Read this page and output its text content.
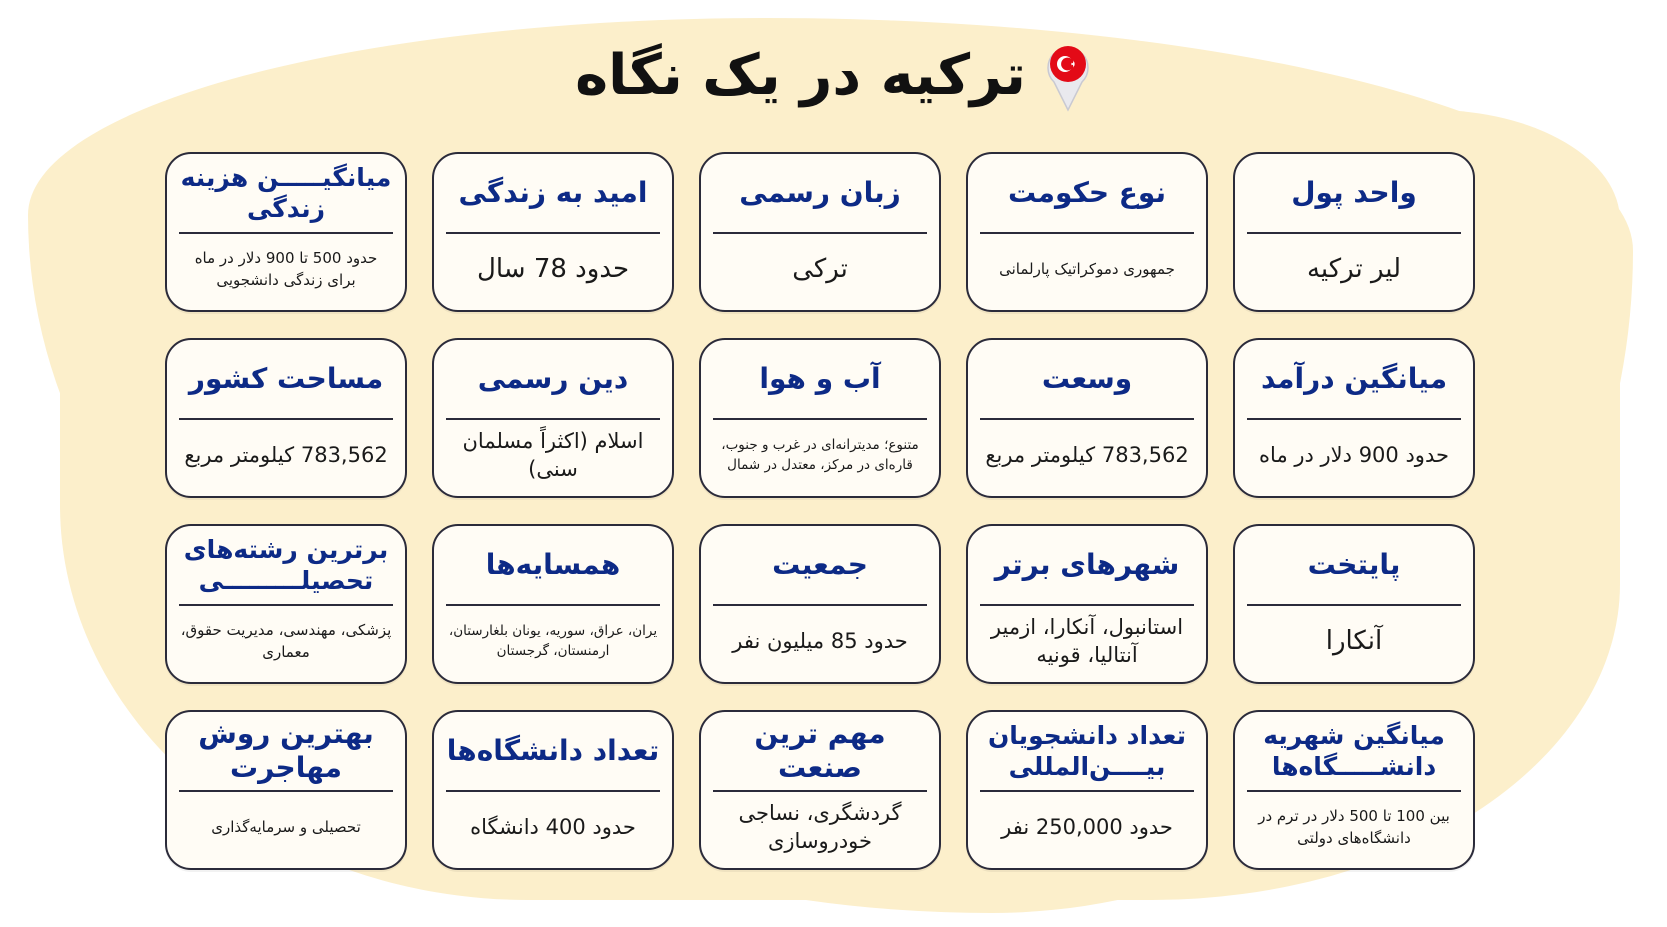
ترکیه در یک نگاه
واحد پول
لیر ترکیه
نوع حکومت
جمهوری دموکراتیک پارلمانی
زبان رسمی
ترکی
امید به زندگی
حدود 78 سال
میانگیـــــن هزینه زندگی
حدود 500 تا 900 دلار در ماه برای زندگی دانشجویی
میانگین درآمد
حدود 900 دلار در ماه
وسعت
783,562 کیلومتر مربع
آب و هوا
متنوع؛ مدیترانه‌ای در غرب و جنوب، قاره‌ای در مرکز، معتدل در شمال
دین رسمی
اسلام (اکثراً مسلمان سنی)
مساحت کشور
783,562 کیلومتر مربع
پایتخت
آنکارا
شهرهای برتر
استانبول، آنکارا، ازمیر آنتالیا، قونیه
جمعیت
حدود 85 میلیون نفر
همسایه‌ها
یران، عراق، سوریه، یونان بلغارستان، ارمنستان، گرجستان
برترین رشته‌های تحصیلـــــــــی
پزشکی، مهندسی، مدیریت حقوق، معماری
میانگین شهریه دانشـــــگاه‌ها
بین 100 تا 500 دلار در ترم در دانشگاه‌های دولتی
تعداد دانشجویان بیــــن‌المللی
حدود 250,000 نفر
مهم ترین صنعت
گردشگری، نساجی خودروسازی
تعداد دانشگاه‌ها
حدود 400 دانشگاه
بهترین روش مهاجرت
تحصیلی و سرمایه‌گذاری
